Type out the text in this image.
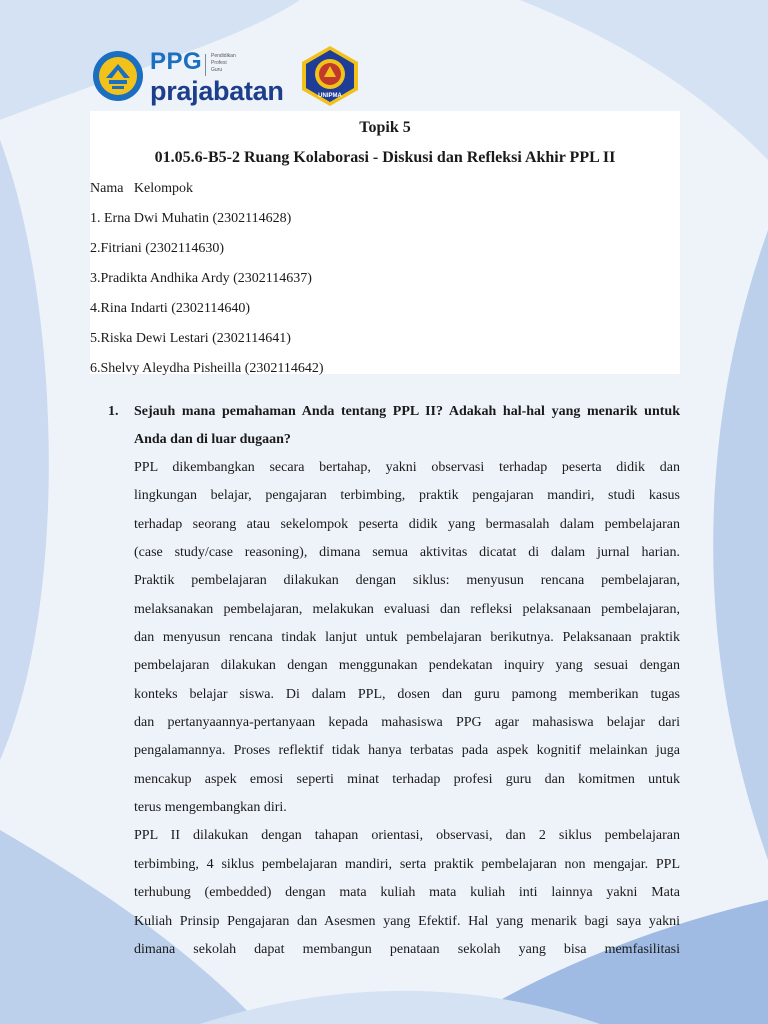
PPG Pendidikan
Profesi
Guru
prajabatan	UNIPMA
Topik 5
01.05.6-B5-2 Ruang Kolaborasi - Diskusi dan Refleksi Akhir PPL II
Nama   Kelompok
1. Erna Dwi Muhatin (2302114628)
2.Fitriani (2302114630)
3.Pradikta Andhika Ardy (2302114637)
4.Rina Indarti (2302114640)
5.Riska Dewi Lestari (2302114641)
6.Shelvy Aleydha Pisheilla (2302114642)
1. Sejauh mana pemahaman Anda tentang PPL II? Adakah hal-hal yang menarik untuk Anda dan di luar dugaan?
PPL dikembangkan secara bertahap, yakni observasi terhadap peserta didik dan
lingkungan belajar, pengajaran terbimbing, praktik pengajaran mandiri, studi kasus
terhadap seorang atau sekelompok peserta didik yang bermasalah dalam pembelajaran
(case study/case reasoning), dimana semua aktivitas dicatat di dalam jurnal harian.
Praktik pembelajaran dilakukan dengan siklus: menyusun rencana pembelajaran,
melaksanakan pembelajaran, melakukan evaluasi dan refleksi pelaksanaan pembelajaran,
dan menyusun rencana tindak lanjut untuk pembelajaran berikutnya. Pelaksanaan praktik
pembelajaran dilakukan dengan menggunakan pendekatan inquiry yang sesuai dengan
konteks belajar siswa. Di dalam PPL, dosen dan guru pamong memberikan tugas
dan pertanyaannya-pertanyaan kepada mahasiswa PPG agar mahasiswa belajar dari
pengalamannya. Proses reflektif tidak hanya terbatas pada aspek kognitif melainkan juga
mencakup aspek emosi seperti minat terhadap profesi guru dan komitmen untuk
terus mengembangkan diri.
PPL II dilakukan dengan tahapan orientasi, observasi, dan 2 siklus pembelajaran
terbimbing, 4 siklus pembelajaran mandiri, serta praktik pembelajaran non mengajar. PPL
terhubung (embedded) dengan mata kuliah mata kuliah inti lainnya yakni Mata
Kuliah Prinsip Pengajaran dan Asesmen yang Efektif. Hal yang menarik bagi saya yakni
dimana sekolah dapat membangun penataan sekolah yang bisa memfasilitasi
